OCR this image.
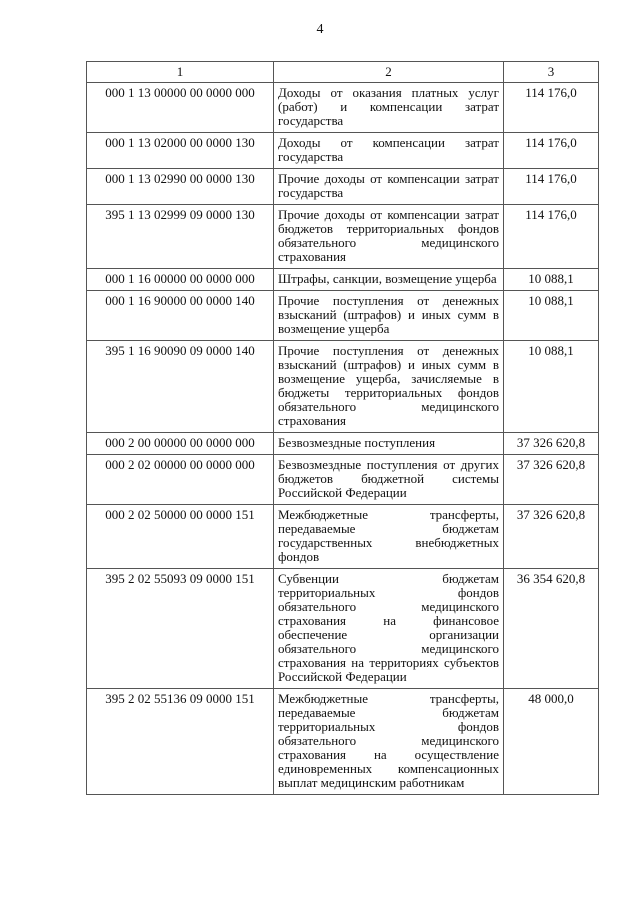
4
1	2	3
000 1 13 00000 00 0000 000	Доходы от оказания платных услуг (работ) и компенсации затрат государства	114 176,0
000 1 13 02000 00 0000 130	Доходы от компенсации затрат государства	114 176,0
000 1 13 02990 00 0000 130	Прочие доходы от компенсации затрат государства	114 176,0
395 1 13 02999 09 0000 130	Прочие доходы от компенсации затрат бюджетов территориальных фондов обязательного медицинского страхования	114 176,0
000 1 16 00000 00 0000 000	Штрафы, санкции, возмещение ущерба	10 088,1
000 1 16 90000 00 0000 140	Прочие поступления от денежных взысканий (штрафов) и иных сумм в возмещение ущерба	10 088,1
395 1 16 90090 09 0000 140	Прочие поступления от денежных взысканий (штрафов) и иных сумм в возмещение ущерба, зачисляемые в бюджеты территориальных фондов обязательного медицинского страхования	10 088,1
000 2 00 00000 00 0000 000	Безвозмездные поступления	37 326 620,8
000 2 02 00000 00 0000 000	Безвозмездные поступления от других бюджетов бюджетной системы Российской Федерации	37 326 620,8
000 2 02 50000 00 0000 151	Межбюджетные трансферты, передаваемые бюджетам государственных внебюджетных фондов	37 326 620,8
395 2 02 55093 09 0000 151	Субвенции бюджетам территориальных фондов обязательного медицинского страхования на финансовое обеспечение организации обязательного медицинского страхования на территориях субъектов Российской Федерации	36 354 620,8
395 2 02 55136 09 0000 151	Межбюджетные трансферты, передаваемые бюджетам территориальных фондов обязательного медицинского страхования на осуществление единовременных компенсационных выплат медицинским работникам	48 000,0
